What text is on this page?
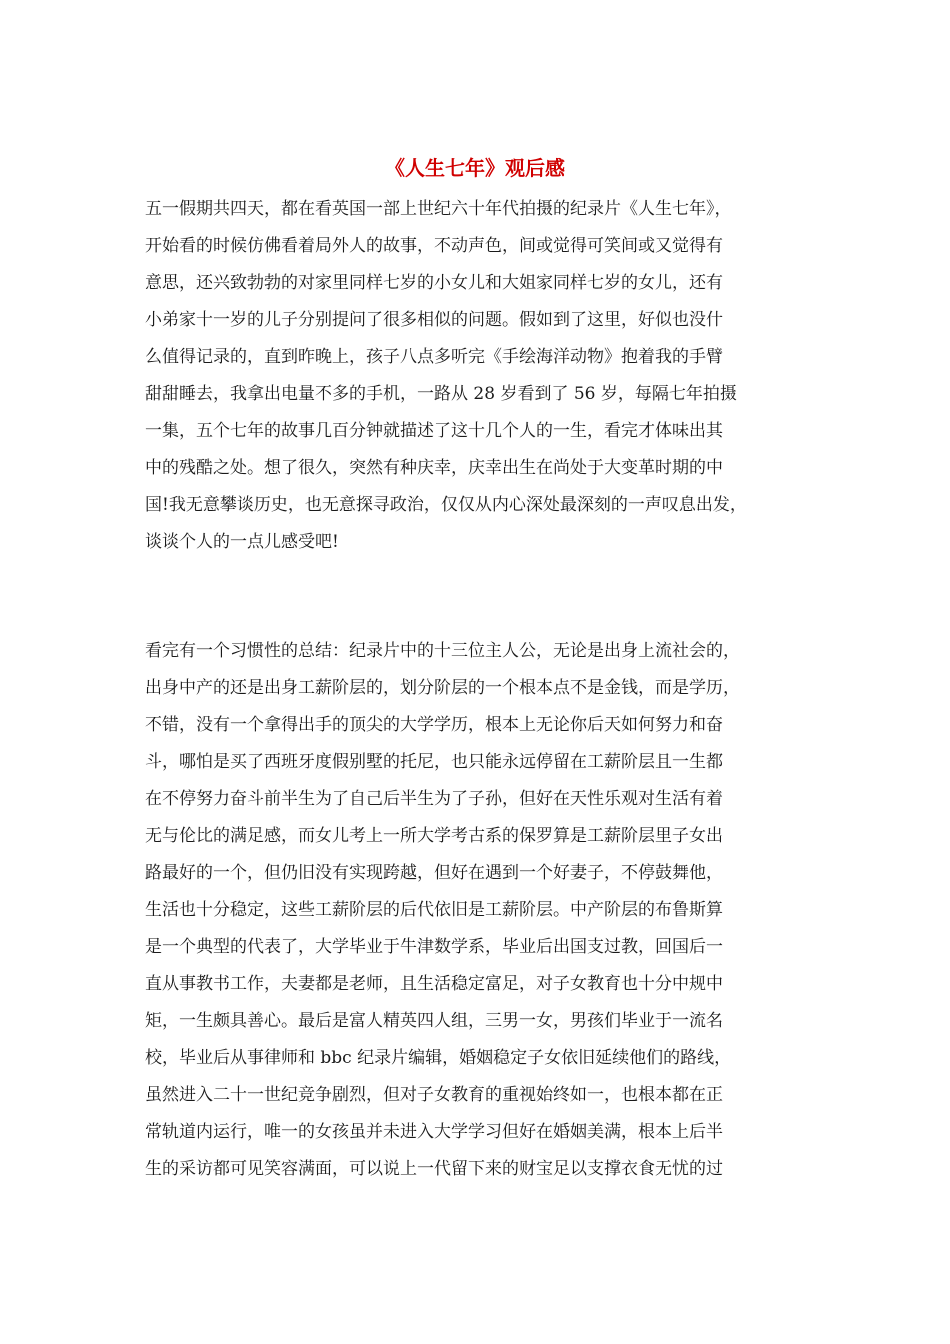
《人生七年》观后感
五一假期共四天，都在看英国一部上世纪六十年代拍摄的纪录片《人生七年》，
开始看的时候仿佛看着局外人的故事，不动声色，间或觉得可笑间或又觉得有
意思，还兴致勃勃的对家里同样七岁的小女儿和大姐家同样七岁的女儿，还有
小弟家十一岁的儿子分别提问了很多相似的问题。假如到了这里，好似也没什
么值得记录的，直到昨晚上，孩子八点多听完《手绘海洋动物》抱着我的手臂
甜甜睡去，我拿出电量不多的手机，一路从 28 岁看到了 56 岁，每隔七年拍摄
一集，五个七年的故事几百分钟就描述了这十几个人的一生，看完才体味出其
中的残酷之处。想了很久，突然有种庆幸，庆幸出生在尚处于大变革时期的中
国!我无意攀谈历史，也无意探寻政治，仅仅从内心深处最深刻的一声叹息出发，
谈谈个人的一点儿感受吧!
看完有一个习惯性的总结：纪录片中的十三位主人公，无论是出身上流社会的，
出身中产的还是出身工薪阶层的，划分阶层的一个根本点不是金钱，而是学历，
不错，没有一个拿得出手的顶尖的大学学历，根本上无论你后天如何努力和奋
斗，哪怕是买了西班牙度假别墅的托尼，也只能永远停留在工薪阶层且一生都
在不停努力奋斗前半生为了自己后半生为了子孙，但好在天性乐观对生活有着
无与伦比的满足感，而女儿考上一所大学考古系的保罗算是工薪阶层里子女出
路最好的一个，但仍旧没有实现跨越，但好在遇到一个好妻子，不停鼓舞他，
生活也十分稳定，这些工薪阶层的后代依旧是工薪阶层。中产阶层的布鲁斯算
是一个典型的代表了，大学毕业于牛津数学系，毕业后出国支过教，回国后一
直从事教书工作，夫妻都是老师，且生活稳定富足，对子女教育也十分中规中
矩，一生颇具善心。最后是富人精英四人组，三男一女，男孩们毕业于一流名
校，毕业后从事律师和 bbc 纪录片编辑，婚姻稳定子女依旧延续他们的路线，
虽然进入二十一世纪竞争剧烈，但对子女教育的重视始终如一，也根本都在正
常轨道内运行，唯一的女孩虽并未进入大学学习但好在婚姻美满，根本上后半
生的采访都可见笑容满面，可以说上一代留下来的财宝足以支撑衣食无忧的过
